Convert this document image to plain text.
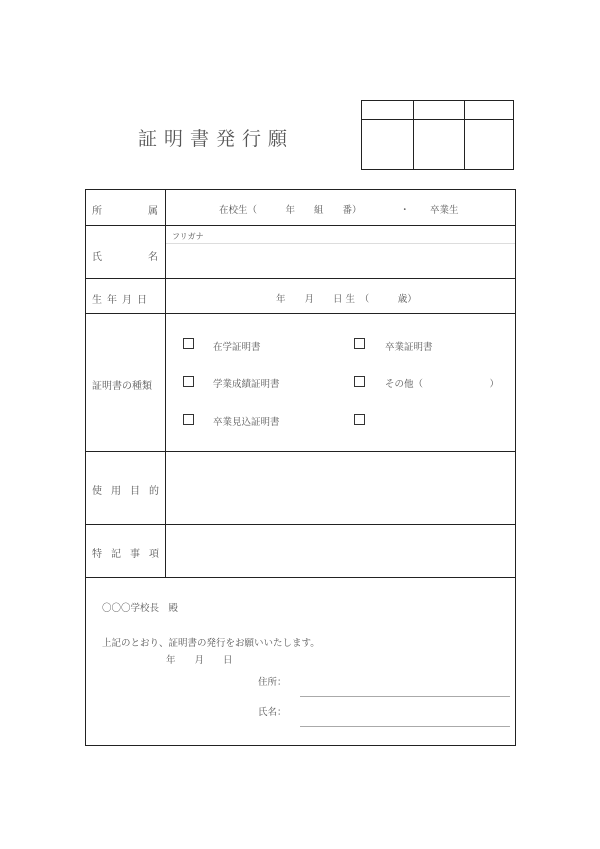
証明書発行願
所	属	在校生（　　　年　　組　　番）	・ 卒業生
氏	名
フリガナ
生年月日	年　　月　　日 生　（　　　歳）
証明書の種類
在学証明書	卒業証明書
学業成績証明書	その他（　　　　　　　）
卒業見込証明書
使用目的
特記事項
〇〇〇学校長　殿
上記のとおり、証明書の発行をお願いいたします。
年　　月　　日
住所：
氏名：
